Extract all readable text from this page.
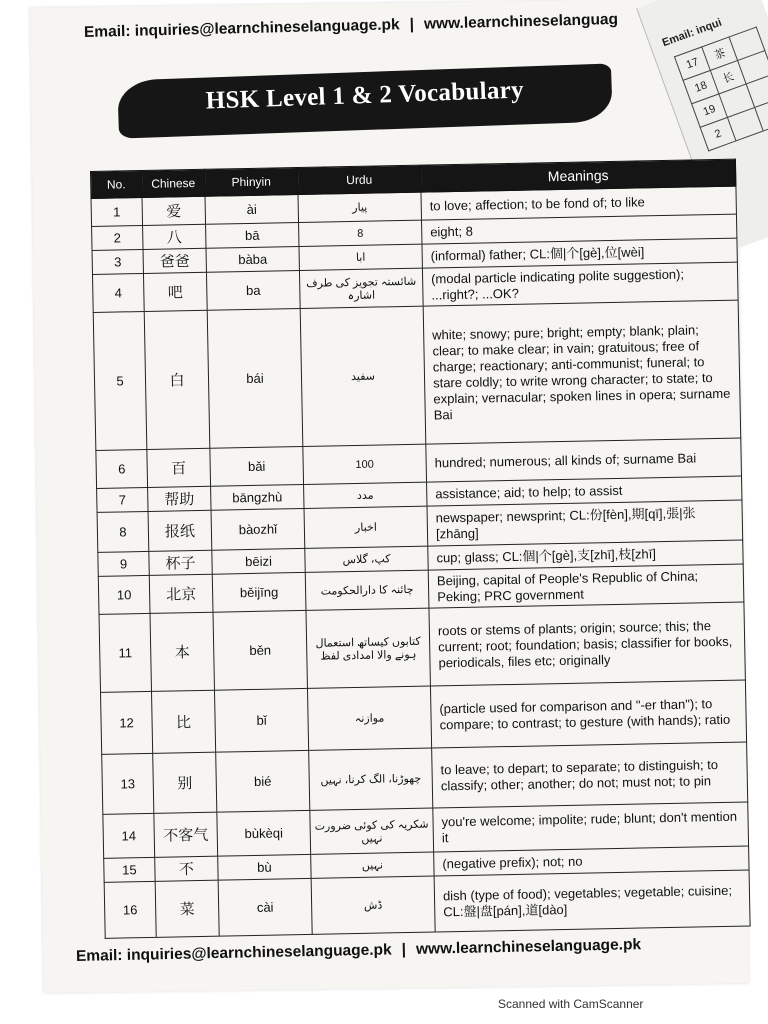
Email: inqui
17	茶	
18	长	
19		
2		
Email: inquiries@learnchineselanguage.pk | www.learnchineselanguag
HSK Level 1 & 2 Vocabulary
No.	Chinese	Phinyin	Urdu	Meanings
1	爱	ài	پیار	to love; affection; to be fond of; to like
2	八	bā	8	eight; 8
3	爸爸	bàba	ابا	(informal) father; CL:個|个[gè],位[wèi]
4	吧	ba	شائستہ تجویز کی طرف اشارہ	(modal particle indicating polite suggestion); ...right?; ...OK?
5	白	bái	سفید	white; snowy; pure; bright; empty; blank; plain; clear; to make clear; in vain; gratuitous; free of charge; reactionary; anti-communist; funeral; to stare coldly; to write wrong character; to state; to explain; vernacular; spoken lines in opera; surname Bai
6	百	bǎi	100	hundred; numerous; all kinds of; surname Bai
7	帮助	bāngzhù	مدد	assistance; aid; to help; to assist
8	报纸	bàozhǐ	اخبار	newspaper; newsprint; CL:份[fèn],期[qī],張|张[zhāng]
9	杯子	bēizi	کپ، گلاس	cup; glass; CL:個|个[gè],支[zhī],枝[zhī]
10	北京	běijīng	چائنہ کا دارالحکومت	Beijing, capital of People's Republic of China; Peking; PRC government
11	本	běn	کتابوں کیساتھ استعمال ہونے والا امدادی لفظ	roots or stems of plants; origin; source; this; the current; root; foundation; basis; classifier for books, periodicals, files etc; originally
12	比	bǐ	موازنہ	(particle used for comparison and "-er than"); to compare; to contrast; to gesture (with hands); ratio
13	别	bié	چھوڑنا، الگ کرنا، نہیں	to leave; to depart; to separate; to distinguish; to classify; other; another; do not; must not; to pin
14	不客气	bùkèqi	شکریہ کی کوئی ضرورت نہیں	you're welcome; impolite; rude; blunt; don't mention it
15	不	bù	نہیں	(negative prefix); not; no
16	菜	cài	ڈش	dish (type of food); vegetables; vegetable; cuisine; CL:盤|盘[pán],道[dào]
Email: inquiries@learnchineselanguage.pk | www.learnchineselanguage.pk
Scanned with CamScanner
